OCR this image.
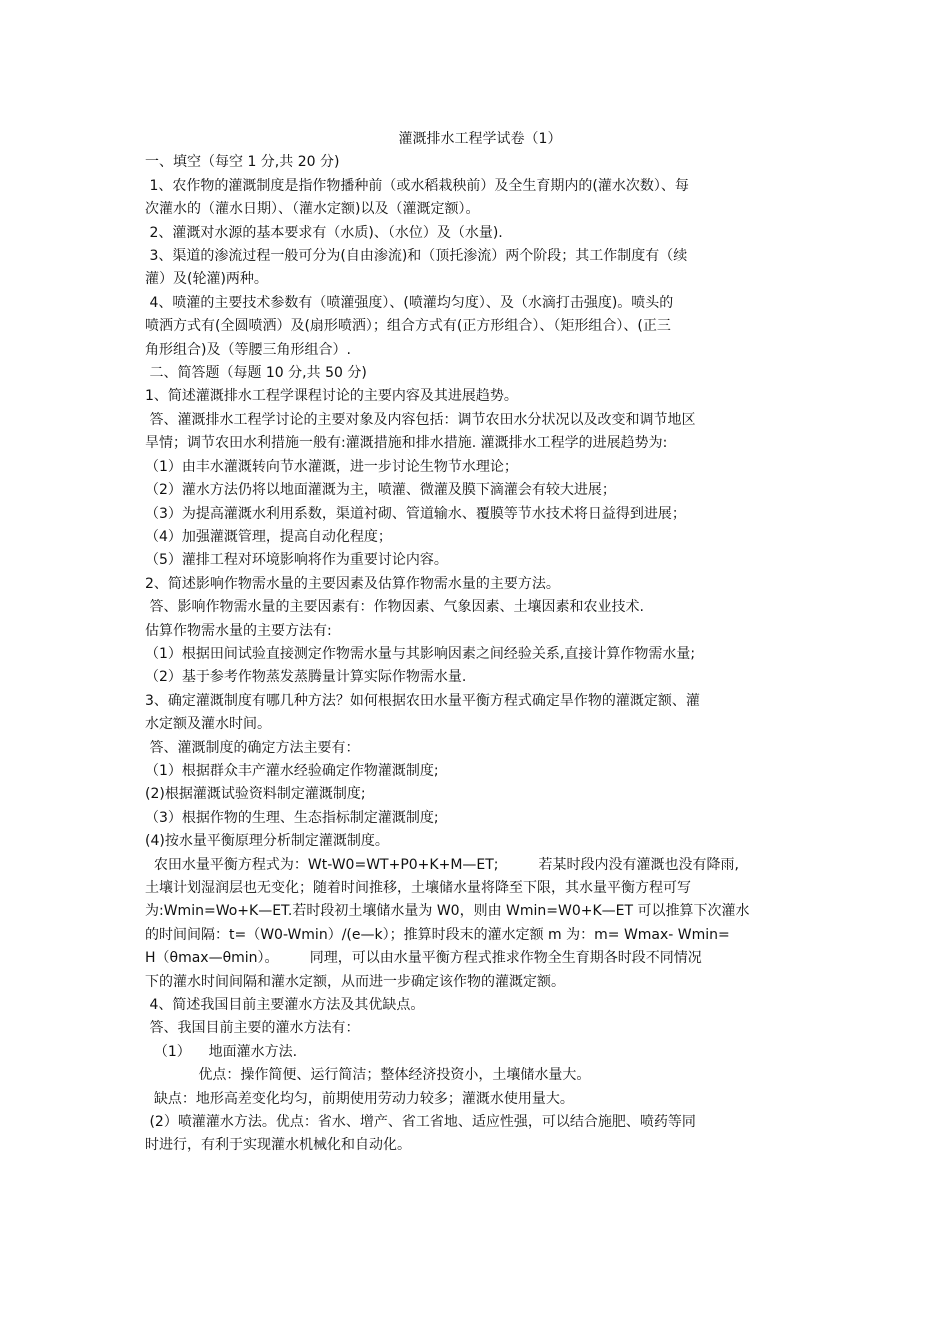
灌溉排水工程学试卷（1）
一、填空（每空 1 分,共 20 分)
1、农作物的灌溉制度是指作物播种前（或水稻栽秧前）及全生育期内的(灌水次数）、每
次灌水的（灌水日期）、（灌水定额)以及（灌溉定额）。
2、灌溉对水源的基本要求有（水质)、（水位）及（水量).
3、渠道的渗流过程一般可分为(自由渗流)和（顶托渗流）两个阶段；其工作制度有（续
灌）及(轮灌)两种。
4、喷灌的主要技术参数有（喷灌强度）、(喷灌均匀度）、及（水滴打击强度)。喷头的
喷洒方式有(全圆喷洒）及(扇形喷洒）；组合方式有(正方形组合）、（矩形组合）、(正三
角形组合)及（等腰三角形组合）.
二、简答题（每题 10 分,共 50 分)
1、简述灌溉排水工程学课程讨论的主要内容及其进展趋势。
答、灌溉排水工程学讨论的主要对象及内容包括：调节农田水分状况以及改变和调节地区
旱情；调节农田水利措施一般有:灌溉措施和排水措施. 灌溉排水工程学的进展趋势为:
（1）由丰水灌溉转向节水灌溉，进一步讨论生物节水理论；
（2）灌水方法仍将以地面灌溉为主，喷灌、微灌及膜下滴灌会有较大进展；
（3）为提高灌溉水利用系数，渠道衬砌、管道输水、覆膜等节水技术将日益得到进展；
（4）加强灌溉管理，提高自动化程度；
（5）灌排工程对环境影响将作为重要讨论内容。
2、简述影响作物需水量的主要因素及估算作物需水量的主要方法。
答、影响作物需水量的主要因素有：作物因素、气象因素、土壤因素和农业技术.
估算作物需水量的主要方法有:
（1）根据田间试验直接测定作物需水量与其影响因素之间经验关系,直接计算作物需水量;
（2）基于参考作物蒸发蒸腾量计算实际作物需水量.
3、确定灌溉制度有哪几种方法？如何根据农田水量平衡方程式确定旱作物的灌溉定额、灌
水定额及灌水时间。
答、灌溉制度的确定方法主要有：
（1）根据群众丰产灌水经验确定作物灌溉制度;
(2)根据灌溉试验资料制定灌溉制度;
（3）根据作物的生理、生态指标制定灌溉制度;
(4)按水量平衡原理分析制定灌溉制度。
农田水量平衡方程式为：Wt-W0=WT+P0+K+M—ET;         若某时段内没有灌溉也没有降雨,
土壤计划湿润层也无变化；随着时间推移，土壤储水量将降至下限，其水量平衡方程可写
为:Wmin=Wo+K—ET.若时段初土壤储水量为 W0，则由 Wmin=W0+K—ET 可以推算下次灌水
的时间间隔：t=（W0-Wmin）/(e—k）；推算时段末的灌水定额 m 为：m= Wmax- Wmin=
H（θmax—θmin）。       同理，可以由水量平衡方程式推求作物全生育期各时段不同情况
下的灌水时间间隔和灌水定额，从而进一步确定该作物的灌溉定额。
4、简述我国目前主要灌水方法及其优缺点。
答、我国目前主要的灌水方法有：
（1）    地面灌水方法.
优点：操作简便、运行简洁；整体经济投资小，土壤储水量大。
缺点：地形高差变化均匀，前期使用劳动力较多；灌溉水使用量大。
(2）喷灌灌水方法。优点：省水、增产、省工省地、适应性强，可以结合施肥、喷药等同
时进行，有利于实现灌水机械化和自动化。
